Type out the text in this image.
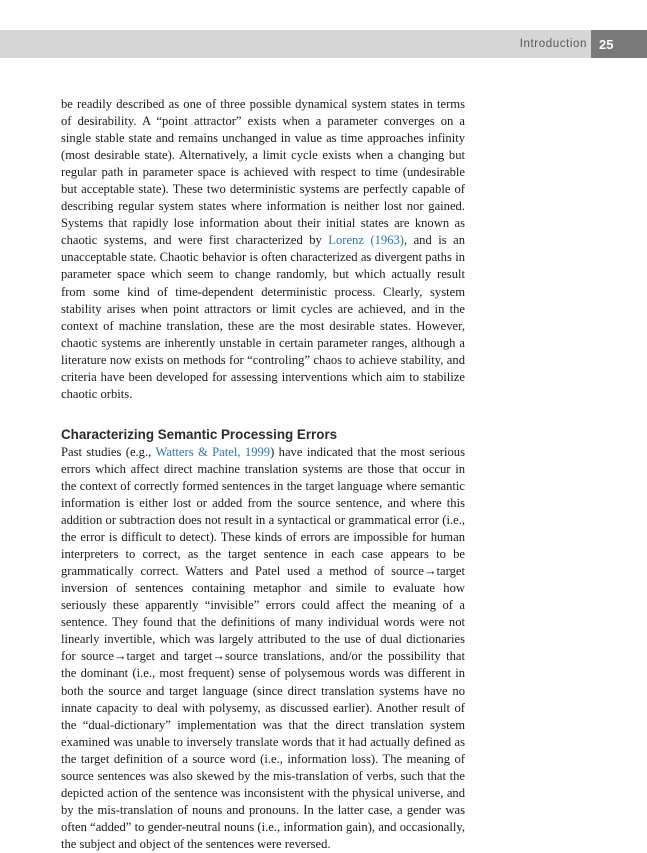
Introduction 25

be readily described as one of three possible dynamical system states in terms of desirability. A “point attractor” exists when a parameter converges on a single stable state and remains unchanged in value as time approaches infinity (most desirable state). Alternatively, a limit cycle exists when a changing but regular path in parameter space is achieved with respect to time (undesirable but acceptable state). These two deterministic systems are perfectly capable of describing regular system states where information is neither lost nor gained. Systems that rapidly lose information about their initial states are known as chaotic systems, and were first characterized by Lorenz (1963), and is an unacceptable state. Chaotic behavior is often characterized as divergent paths in parameter space which seem to change randomly, but which actually result from some kind of time-dependent deterministic process. Clearly, system stability arises when point attractors or limit cycles are achieved, and in the context of machine translation, these are the most desirable states. However, chaotic systems are inherently unstable in certain parameter ranges, although a literature now exists on methods for “controling” chaos to achieve stability, and criteria have been developed for assessing interventions which aim to stabilize chaotic orbits.

Characterizing Semantic Processing Errors

Past studies (e.g., Watters & Patel, 1999) have indicated that the most serious errors which affect direct machine translation systems are those that occur in the context of correctly formed sentences in the target language where semantic information is either lost or added from the source sentence, and where this addition or subtraction does not result in a syntactical or grammatical error (i.e., the error is difficult to detect). These kinds of errors are impossible for human interpreters to correct, as the target sentence in each case appears to be grammatically correct. Watters and Patel used a method of source→target inversion of sentences containing metaphor and simile to evaluate how seriously these apparently “invisible” errors could affect the meaning of a sentence. They found that the definitions of many individual words were not linearly invertible, which was largely attributed to the use of dual dictionaries for source→target and target→source translations, and/or the possibility that the dominant (i.e., most frequent) sense of polysemous words was different in both the source and target language (since direct translation systems have no innate capacity to deal with polysemy, as discussed earlier). Another result of the “dual-dictionary” implementation was that the direct translation system examined was unable to inversely translate words that it had actually defined as the target definition of a source word (i.e., information loss). The meaning of source sentences was also skewed by the mis-translation of verbs, such that the depicted action of the sentence was inconsistent with the physical universe, and by the mis-translation of nouns and pronouns. In the latter case, a gender was often “added” to gender-neutral nouns (i.e., information gain), and occasionally, the subject and object of the sentences were reversed.
